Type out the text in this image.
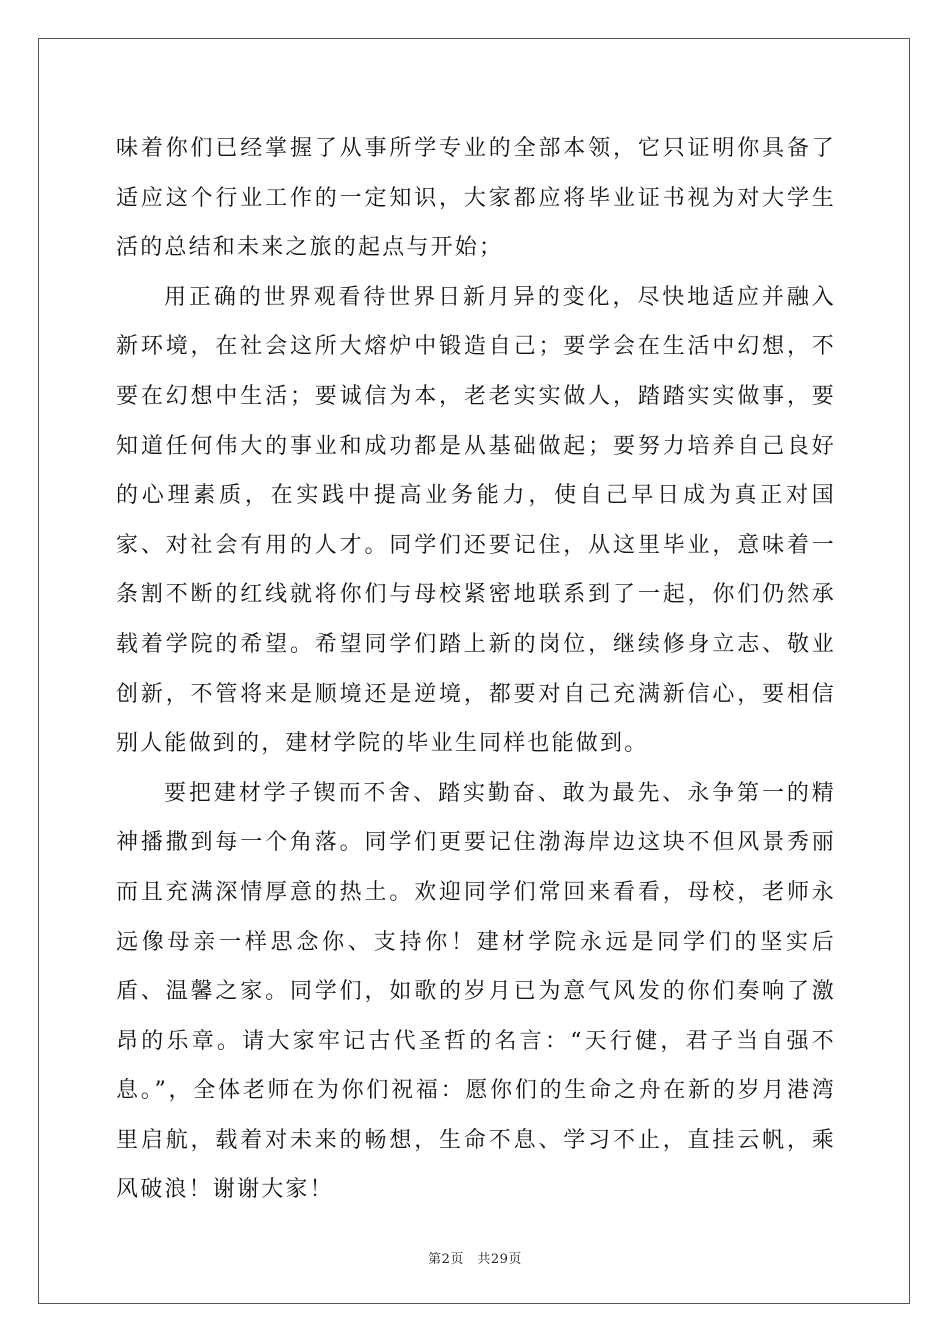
味着你们已经掌握了从事所学专业的全部本领，它只证明你具备了适应这个行业工作的一定知识，大家都应将毕业证书视为对大学生活的总结和未来之旅的起点与开始；

用正确的世界观看待世界日新月异的变化，尽快地适应并融入新环境，在社会这所大熔炉中锻造自己；要学会在生活中幻想，不要在幻想中生活；要诚信为本，老老实实做人，踏踏实实做事，要知道任何伟大的事业和成功都是从基础做起；要努力培养自己良好的心理素质，在实践中提高业务能力，使自己早日成为真正对国家、对社会有用的人才。同学们还要记住，从这里毕业，意味着一条割不断的红线就将你们与母校紧密地联系到了一起，你们仍然承载着学院的希望。希望同学们踏上新的岗位，继续修身立志、敬业创新，不管将来是顺境还是逆境，都要对自己充满新信心，要相信别人能做到的，建材学院的毕业生同样也能做到。

要把建材学子锲而不舍、踏实勤奋、敢为最先、永争第一的精神播撒到每一个角落。同学们更要记住渤海岸边这块不但风景秀丽而且充满深情厚意的热土。欢迎同学们常回来看看，母校，老师永远像母亲一样思念你、支持你！建材学院永远是同学们的坚实后盾、温馨之家。同学们，如歌的岁月已为意气风发的你们奏响了激昂的乐章。请大家牢记古代圣哲的名言：“天行健，君子当自强不息。”，全体老师在为你们祝福：愿你们的生命之舟在新的岁月港湾里启航，载着对未来的畅想，生命不息、学习不止，直挂云帆，乘风破浪！谢谢大家！

第2页　共29页
